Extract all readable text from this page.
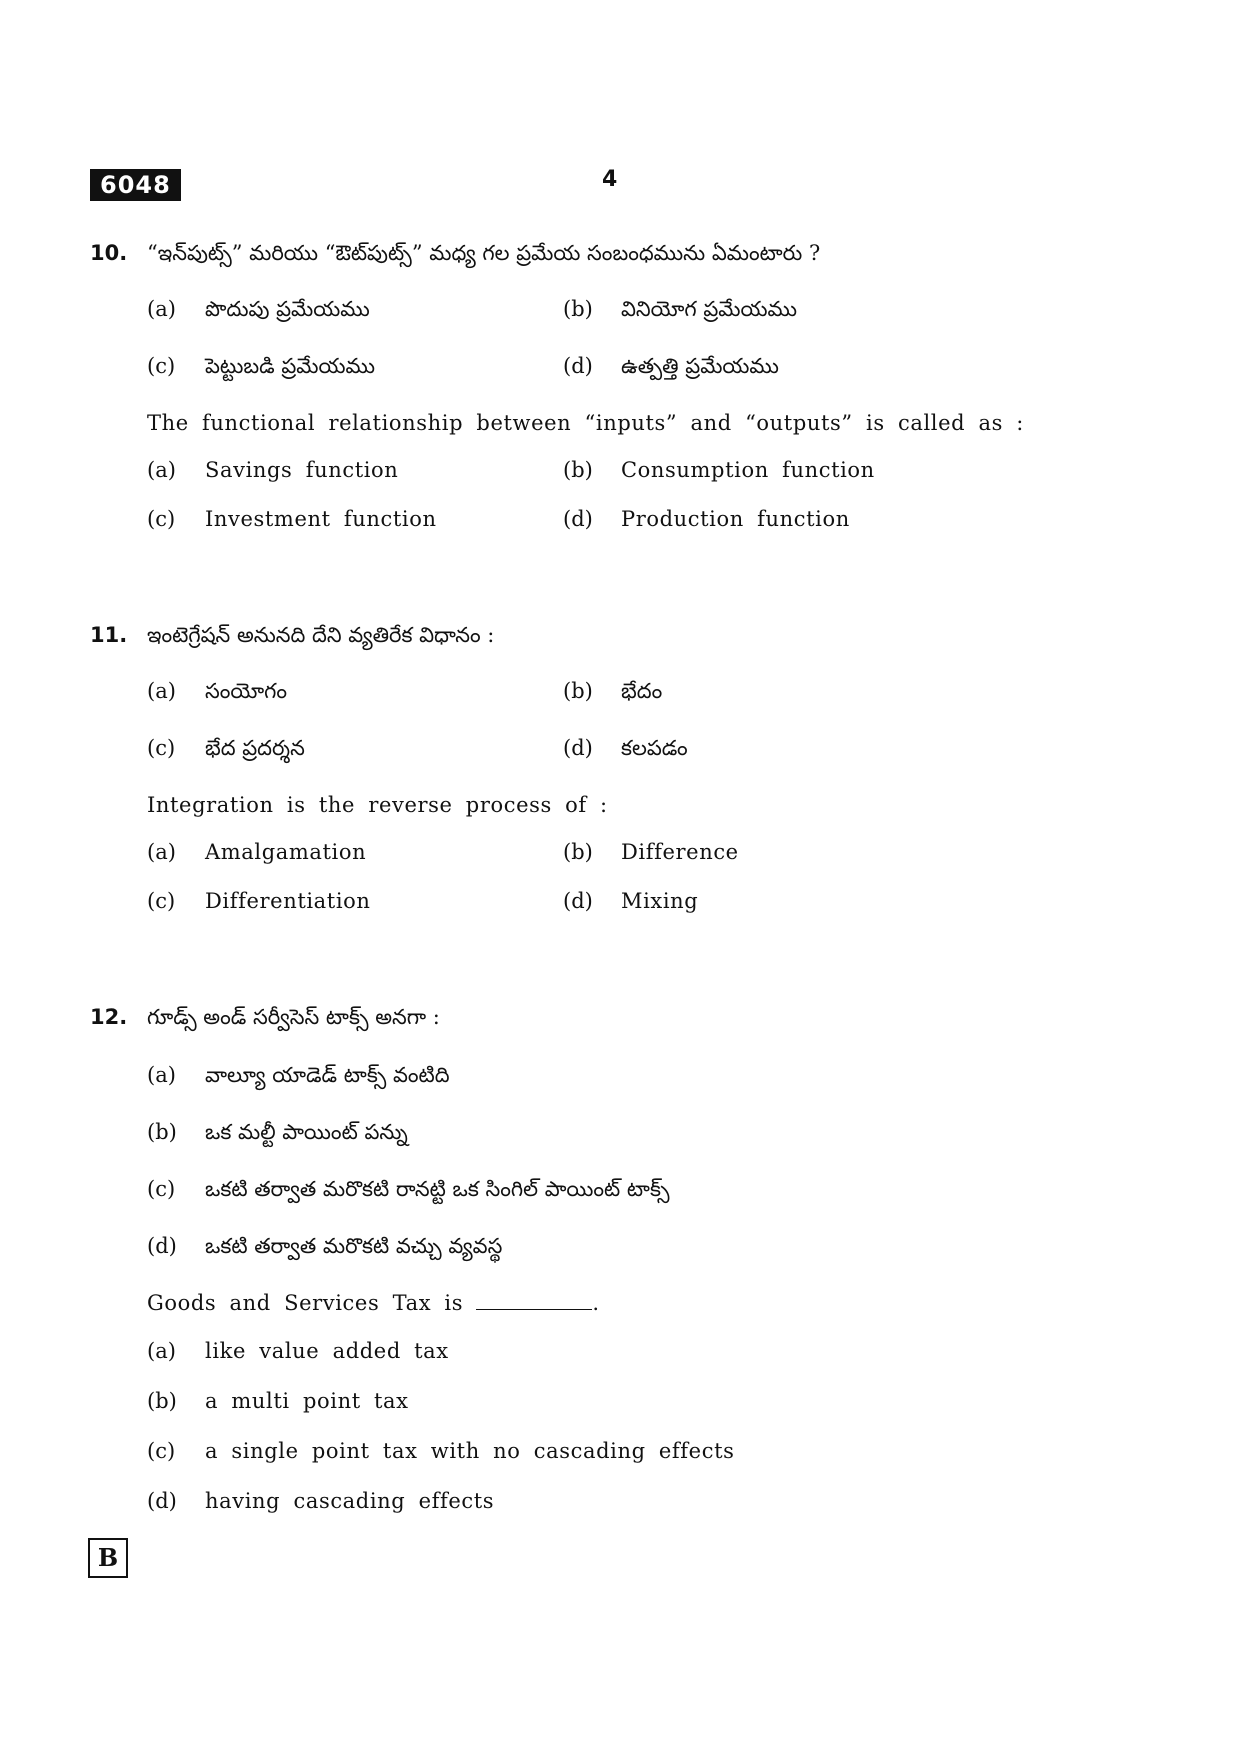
6048	4
10. “ఇన్‌పుట్స్” మరియు “ఔట్‌పుట్స్” మధ్య గల ప్రమేయ సంబంధమును ఏమంటారు ?
(a) పొదుపు ప్రమేయము	(b) వినియోగ ప్రమేయము
(c) పెట్టుబడి ప్రమేయము	(d) ఉత్పత్తి ప్రమేయము
The functional relationship between “inputs” and “outputs” is called as :
(a) Savings function	(b) Consumption function
(c) Investment function	(d) Production function
11. ఇంటెగ్రేషన్ అనునది దేని వ్యతిరేక విధానం :
(a) సంయోగం	(b) భేదం
(c) భేద ప్రదర్శన	(d) కలపడం
Integration is the reverse process of :
(a) Amalgamation	(b) Difference
(c) Differentiation	(d) Mixing
12. గూడ్స్ అండ్ సర్వీసెస్ టాక్స్ అనగా :
(a) వాల్యూ యాడెడ్ టాక్స్ వంటిది
(b) ఒక మల్టీ పాయింట్ పన్ను
(c) ఒకటి తర్వాత మరొకటి రానట్టి ఒక సింగిల్ పాయింట్ టాక్స్
(d) ఒకటి తర్వాత మరొకటి వచ్చు వ్యవస్థ
Goods and Services Tax is	.
(a) like value added tax
(b) a multi point tax
(c) a single point tax with no cascading effects
(d) having cascading effects
B
